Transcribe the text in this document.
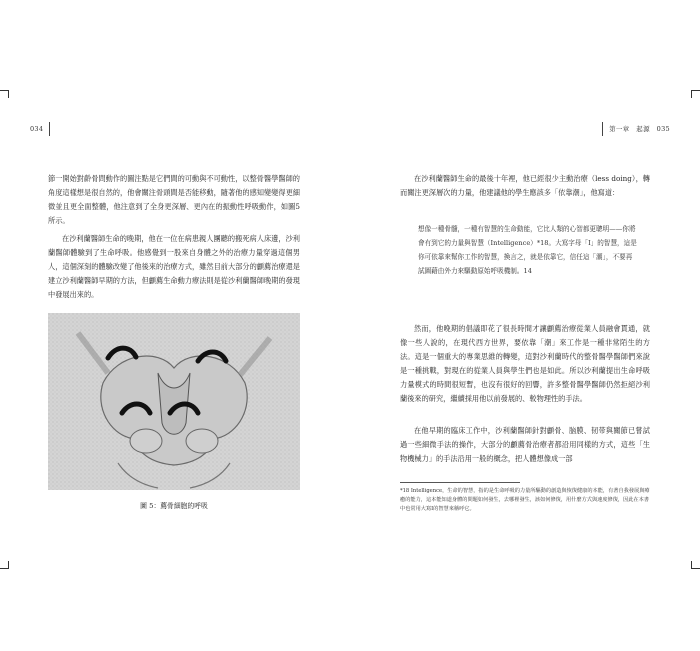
034
節一開始對齡骨問動作的圖注點是它們間的可動與不可動性，以整骨醫學醫師的角度這樣想是很自然的，他會關注骨頭間是否能移動，隨著他的感知變變得更細微並且更全面整體，他注意到了全身更深層、更內在的振動性呼吸動作，如圖5所示。
在沙利蘭醫師生命的晚期，他在一位在病患親人團聽的搬死病人床邊，沙利蘭醫師體驗到了生命呼吸。他感覺到一股來自身體之外的治療力量穿過這個男人，這個深刻的體驗改變了他後來的治療方式，雖然目前大部分的顱薦治療還是建立沙利蘭醫師早期的方法，但顱薦生命動力療法則是從沙利蘭醫師晚期的發現中發展出來的。
圖 5：薦骨細胞的呼吸
第一章　起源　035
在沙利蘭醫師生命的最後十年裡，他已經很少主動治療（less doing），轉而關注更深層次的力量，他建議他的學生應該多「依靠潮」，他寫道：
想像一種骨髓，一種有智慧的生命動能，它比人類的心智都更聰明——你將會有到它的力量與智慧（Intelligence）*18。大寫字母「I」的智慧，這是你可依靠來幫你工作的智慧，換言之，就是依靠它，信任這「潮」，不要再試圖藉由外力來驅動原始呼吸機制。14
然而，他晚期的倡議即花了很長時間才讓顱薦治療從業人員融會貫通，就像一些人說的，在現代西方世界，要依靠「潮」來工作是一種非常陌生的方法。這是一個重大的專業思維的轉變，這對沙利蘭時代的整骨醫學醫師們來說是一種挑戰，對現在的從業人員與學生們也是如此。所以沙利蘭提出生命呼吸力量模式的時間很短暫，也沒有很好的回響，許多整骨醫學醫師仍然拒絕沙利蘭後來的研究，繼續採用他以前發展的、較物理性的手法。
在他早期的臨床工作中，沙利蘭醫師針對顱骨、脑膜、韧带與關節已嘗試過一些細微手法的操作，大部分的顱薦骨治療者都沿用同樣的方式，這些「生物機械力」的手法沿用一般的概念，把人體想像成一部
*18 Intelligence，生命的智慧，指的是生命呼吸的力量所驅動的創造與恢復健康的本能，有著自我發展與療癒的能力，這本能知道身體的問題如何發生，去哪裡發生，該如何修復，用什麼方式與速度修復，因此在本書中也常用大寫I的智慧來稱呼它。
